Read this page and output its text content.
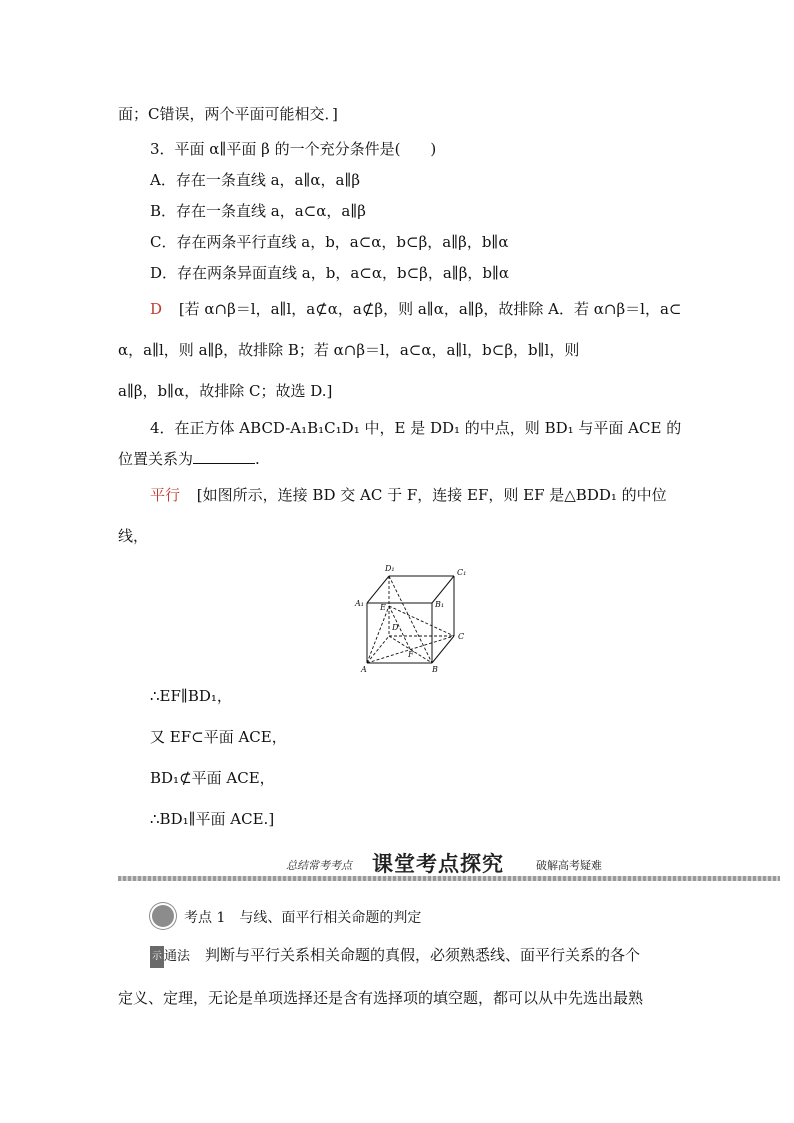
面；C错误，两个平面可能相交．]
3．平面 α∥平面 β 的一个充分条件是(　　)
A．存在一条直线 a，a∥α，a∥β
B．存在一条直线 a，a⊂α，a∥β
C．存在两条平行直线 a，b，a⊂α，b⊂β，a∥β，b∥α
D．存在两条异面直线 a，b，a⊂α，b⊂β，a∥β，b∥α
D [若 α∩β＝l，a∥l，a⊄α，a⊄β，则 a∥α，a∥β，故排除 A．若 α∩β＝l，a⊂
α，a∥l，则 a∥β，故排除 B；若 α∩β＝l，a⊂α，a∥l，b⊂β，b∥l，则
a∥β，b∥α，故排除 C；故选 D.]
4．在正方体 ABCD-A₁B₁C₁D₁ 中，E 是 DD₁ 的中点，则 BD₁ 与平面 ACE 的
位置关系为	.
平行 [如图所示，连接 BD 交 AC 于 F，连接 EF，则 EF 是△BDD₁ 的中位
线，
D₁	C₁
A₁	B₁
E
D
C
F
A	B
∴EF∥BD₁，
又 EF⊂平面 ACE，
BD₁⊄平面 ACE，
∴BD₁∥平面 ACE.]
总结常考考点 课堂考点探究	破解高考疑难
考点 1　与线、面平行相关命题的判定
示 通法　判断与平行关系相关命题的真假，必须熟悉线、面平行关系的各个
定义、定理，无论是单项选择还是含有选择项的填空题，都可以从中先选出最熟
